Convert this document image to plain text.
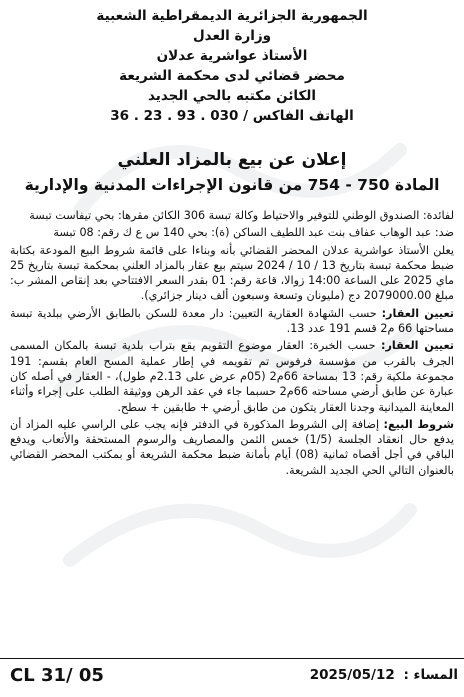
الجمهورية الجزائرية الديمقراطية الشعبية
وزارة العدل
الأستاذ عواشرية عدلان
محضر قضائي لدى محكمة الشريعة
الكائن مكتبه بالحي الجديد
الهاتف الفاكس / 030 . 93 . 23 . 36
إعلان عن بيع بالمزاد العلني
المادة 750 - 754 من قانون الإجراءات المدنية والإدارية

لفائدة: الصندوق الوطني للتوفير والاحتياط وكالة تبسة 306 الكائن مقرها: بحي تيفاست تبسة

ضد: عبد الوهاب عفاف بنت عبد اللطيف الساكن (ة): بحي 140 س ع ك رقم: 08 تبسة

يعلن الأستاذ عواشرية عدلان المحضر القضائي بأنه وبناءا على قائمة شروط البيع المودعة بكتابة ضبط محكمة تبسة بتاريخ 13 / 10 / 2024 سيتم بيع عقار بالمزاد العلني بمحكمة تبسة بتاريخ 25 ماي 2025 على الساعة 14:00 زوالا، قاعة رقم: 01 بقدر السعر الافتتاحي بعد إنقاص المشر ب: مبلغ 2079000.00 دج (مليونان وتسعة وسبعون ألف دينار جزائري).

تعيين العقار: حسب الشهادة العقارية التعيين: دار معدة للسكن بالطابق الأرضي ببلدية تبسة مساحتها 66 م2 قسم 191 عدد 13.

تعيين العقار: حسب الخبرة: العقار موضوع التقويم يقع بتراب بلدية تبسة بالمكان المسمى الجرف بالقرب من مؤسسة فرفوس تم تقويمه في إطار عملية المسح العام بقسم: 191 مجموعة ملكية رقم: 13 بمساحة 66م2 (05م عرض على 2.13م طول)، - العقار في أصله كان عبارة عن طابق أرضي مساحته 66م2 حسبما جاء في عقد الرهن ووثيقة الطلب على إجراء وأثناء المعاينة الميدانية وجدنا العقار يتكون من طابق أرضي + طابقين + سطح.

شروط البيع: إضافة إلى الشروط المذكورة في الدفتر فإنه يجب على الراسي عليه المزاد أن يدفع حال انعقاد الجلسة (1/5) خمس الثمن والمصاريف والرسوم المستحقة والأتعاب ويدفع الباقي في أجل أقصاه ثمانية (08) أيام بأمانة ضبط محكمة الشريعة أو بمكتب المحضر القضائي بالعنوان التالي الحي الجديد الشريعة.

المساء : 2025/05/12
CL 31/ 05
